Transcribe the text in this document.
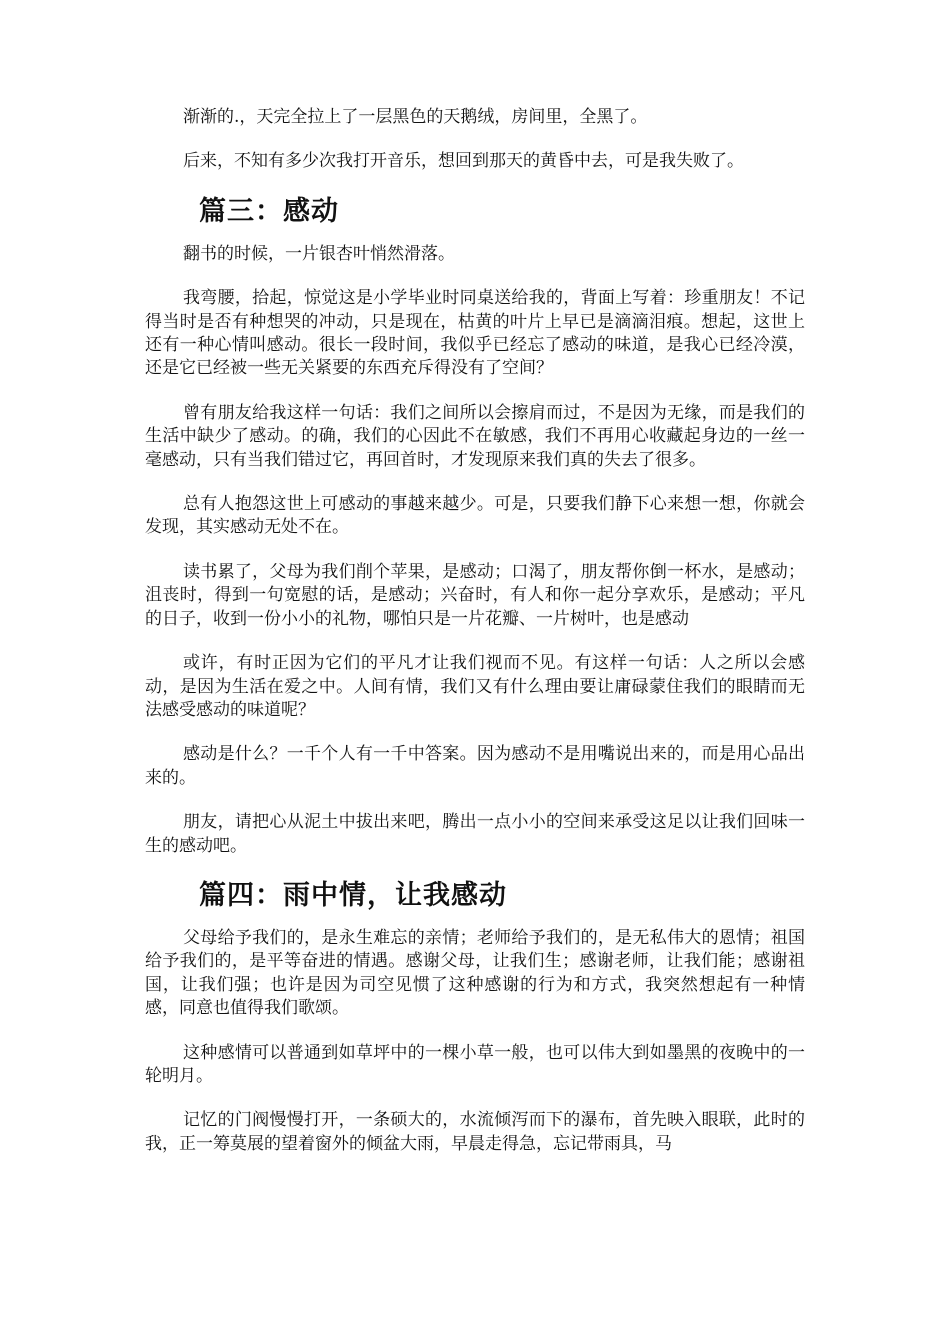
渐渐的.，天完全拉上了一层黑色的天鹅绒，房间里，全黑了。

后来，不知有多少次我打开音乐，想回到那天的黄昏中去，可是我失败了。

篇三：感动

翻书的时候，一片银杏叶悄然滑落。

我弯腰，拾起，惊觉这是小学毕业时同桌送给我的，背面上写着：珍重朋友！不记得当时是否有种想哭的冲动，只是现在，枯黄的叶片上早已是滴滴泪痕。想起，这世上还有一种心情叫感动。很长一段时间，我似乎已经忘了感动的味道，是我心已经冷漠，还是它已经被一些无关紧要的东西充斥得没有了空间？

曾有朋友给我这样一句话：我们之间所以会擦肩而过，不是因为无缘，而是我们的生活中缺少了感动。的确，我们的心因此不在敏感，我们不再用心收藏起身边的一丝一毫感动，只有当我们错过它，再回首时，才发现原来我们真的失去了很多。

总有人抱怨这世上可感动的事越来越少。可是，只要我们静下心来想一想，你就会发现，其实感动无处不在。

读书累了，父母为我们削个苹果，是感动；口渴了，朋友帮你倒一杯水，是感动；沮丧时，得到一句宽慰的话，是感动；兴奋时，有人和你一起分享欢乐，是感动；平凡的日子，收到一份小小的礼物，哪怕只是一片花瓣、一片树叶，也是感动

或许，有时正因为它们的平凡才让我们视而不见。有这样一句话：人之所以会感动，是因为生活在爱之中。人间有情，我们又有什么理由要让庸碌蒙住我们的眼睛而无法感受感动的味道呢？

感动是什么？一千个人有一千中答案。因为感动不是用嘴说出来的，而是用心品出来的。

朋友，请把心从泥土中拔出来吧，腾出一点小小的空间来承受这足以让我们回味一生的感动吧。

篇四：雨中情，让我感动

父母给予我们的，是永生难忘的亲情；老师给予我们的，是无私伟大的恩情；祖国给予我们的，是平等奋进的情遇。感谢父母，让我们生；感谢老师，让我们能；感谢祖国，让我们强；也许是因为司空见惯了这种感谢的行为和方式，我突然想起有一种情感，同意也值得我们歌颂。

这种感情可以普通到如草坪中的一棵小草一般，也可以伟大到如墨黑的夜晚中的一轮明月。

记忆的门阀慢慢打开，一条硕大的，水流倾泻而下的瀑布，首先映入眼联，此时的我，正一筹莫展的望着窗外的倾盆大雨，早晨走得急，忘记带雨具，马
